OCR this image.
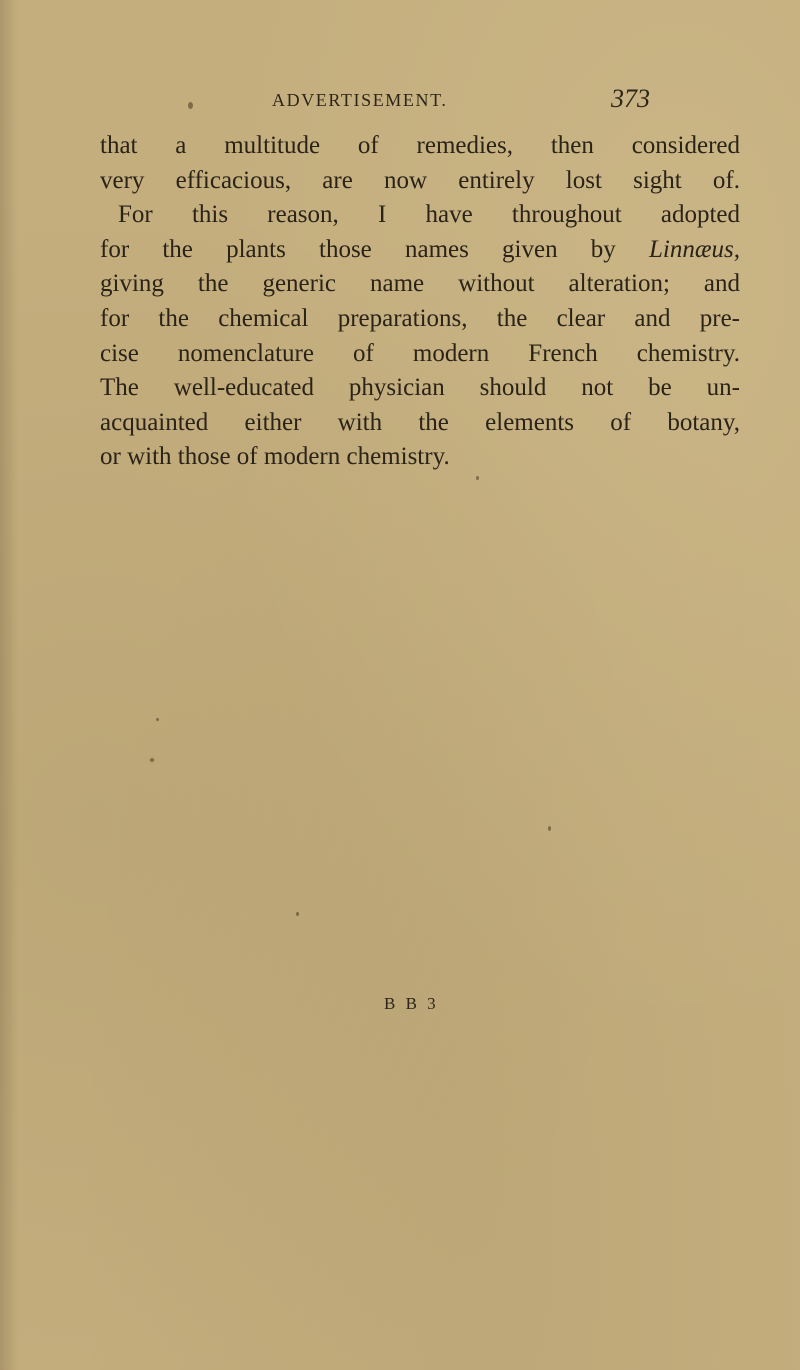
ADVERTISEMENT.	373
that a multitude of remedies, then considered
very efficacious, are now entirely lost sight of.
For this reason, I have throughout adopted
for the plants those names given by Linnæus,
giving the generic name without alteration; and
for the chemical preparations, the clear and pre-
cise nomenclature of modern French chemistry.
The well-educated physician should not be un-
acquainted either with the elements of botany,
or with those of modern chemistry.
B B 3
